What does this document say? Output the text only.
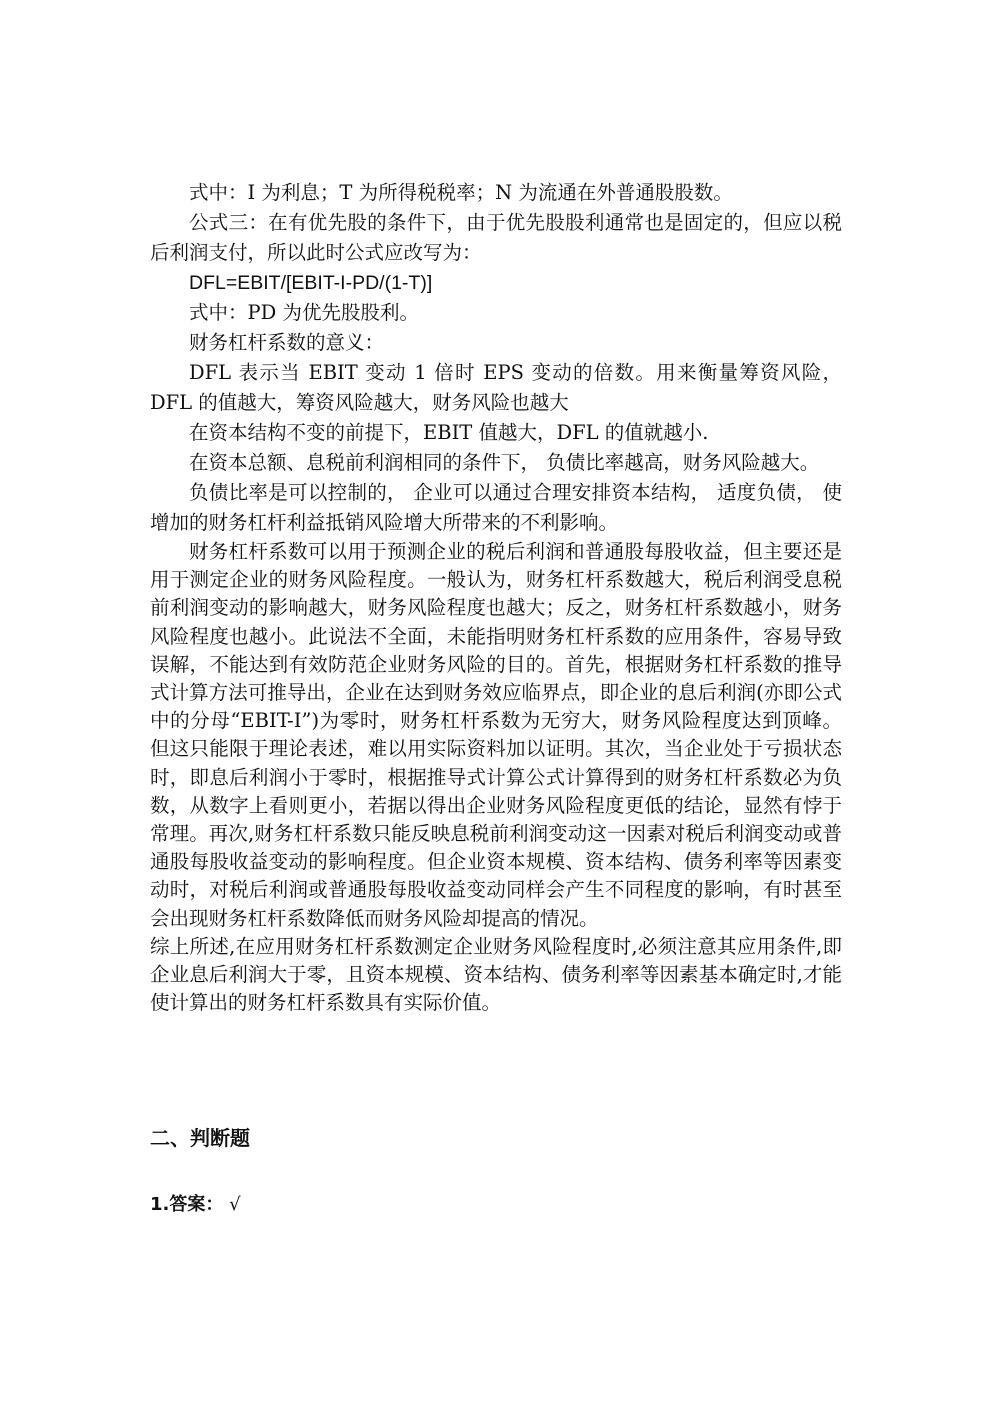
式中：I 为利息；T 为所得税税率；N 为流通在外普通股股数。

公式三：在有优先股的条件下，由于优先股股利通常也是固定的，但应以税后利润支付，所以此时公式应改写为：

DFL=EBIT/[EBIT-I-PD/(1-T)]

式中：PD 为优先股股利。

财务杠杆系数的意义：

DFL 表示当 EBIT 变动 1 倍时 EPS 变动的倍数。用来衡量筹资风险，DFL 的值越大，筹资风险越大，财务风险也越大

在资本结构不变的前提下，EBIT 值越大，DFL 的值就越小.

在资本总额、息税前利润相同的条件下， 负债比率越高，财务风险越大。

负债比率是可以控制的， 企业可以通过合理安排资本结构， 适度负债， 使增加的财务杠杆利益抵销风险增大所带来的不利影响。

财务杠杆系数可以用于预测企业的税后利润和普通股每股收益，但主要还是用于测定企业的财务风险程度。一般认为，财务杠杆系数越大，税后利润受息税前利润变动的影响越大，财务风险程度也越大；反之，财务杠杆系数越小，财务风险程度也越小。此说法不全面，未能指明财务杠杆系数的应用条件，容易导致误解，不能达到有效防范企业财务风险的目的。首先，根据财务杠杆系数的推导式计算方法可推导出，企业在达到财务效应临界点，即企业的息后利润(亦即公式中的分母“EBIT-I”)为零时，财务杠杆系数为无穷大，财务风险程度达到顶峰。但这只能限于理论表述，难以用实际资料加以证明。其次，当企业处于亏损状态时，即息后利润小于零时，根据推导式计算公式计算得到的财务杠杆系数必为负数，从数字上看则更小，若据以得出企业财务风险程度更低的结论，显然有悖于常理。再次,财务杠杆系数只能反映息税前利润变动这一因素对税后利润变动或普通股每股收益变动的影响程度。但企业资本规模、资本结构、债务利率等因素变动时，对税后利润或普通股每股收益变动同样会产生不同程度的影响，有时甚至会出现财务杠杆系数降低而财务风险却提高的情况。

综上所述,在应用财务杠杆系数测定企业财务风险程度时,必须注意其应用条件,即企业息后利润大于零，且资本规模、资本结构、债务利率等因素基本确定时,才能使计算出的财务杠杆系数具有实际价值。

二、判断题
1.答案： √
